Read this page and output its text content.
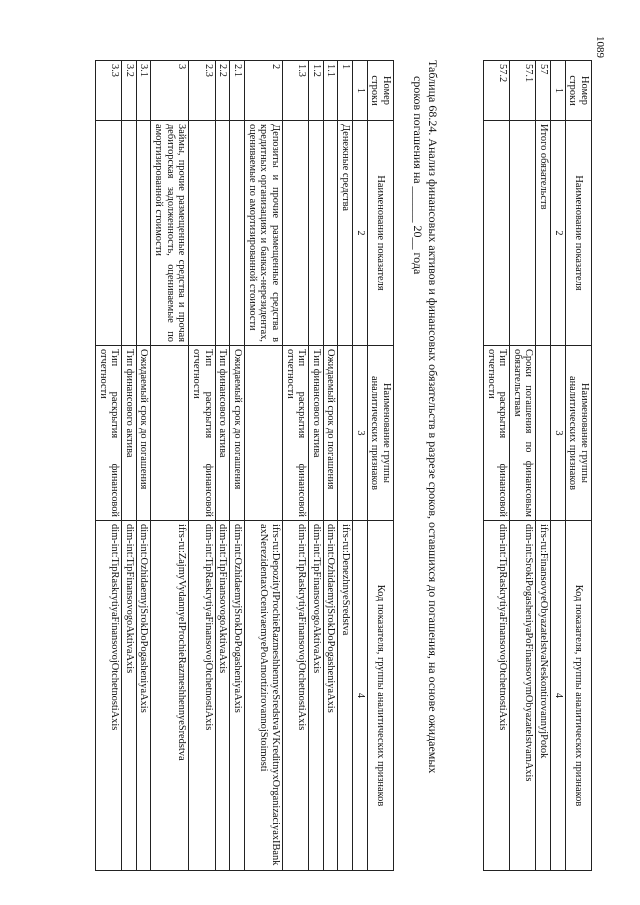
1089
Номер строки	Наименование показателя	Наименование группы аналитических признаков	Код показателя, группы аналитических признаков
1	2	3	4
57	Итого обязательств		ifrs-ru:FinansovyeObyazatelstvaNeskontirovannyjPotok
57.1		Сроки погашения по финансовым обязательствам	dim-int:SrokiPogasheniyaPoFinansovymObyazatelstvamAxis
57.2		Тип раскрытия финансовой отчетности	dim-int:TipRaskrytiyaFinansovojOtchetnostiAxis
Таблица 68.24. Анализ финансовых активов и финансовых обязательств в разрезе сроков, оставшихся до погашения, на основе ожидаемых
сроков погашения на ______ 20__ года
Номер строки	Наименование показателя	Наименование группы аналитических признаков	Код показателя, группы аналитических признаков
1	2	3	4
1	Денежные средства		ifrs-ru:DenezhnyeSredstva
1.1		Ожидаемый срок до погашения	dim-int:OzhidaemyjSrokDoPogasheniyaAxis
1.2		Тип финансового актива	dim-int:TipFinansovogoAktivaAxis
1.3		Тип раскрытия финансовой отчетности	dim-int:TipRaskrytiyaFinansovojOtchetnostiAxis
2	Депозиты и прочие размещенные средства в кредитных организациях и банках-нерезидентах, оцениваемые по амортизированной стоимости		ifrs-ru:DepozityIProchieRazmeshhennyeSredstvaVKreditnyxOrganizaciyaxIBankaxNerezidentaxOcenivaemyePoAmortizirovannojStoimosti
2.1		Ожидаемый срок до погашения	dim-int:OzhidaemyjSrokDoPogasheniyaAxis
2.2		Тип финансового актива	dim-int:TipFinansovogoAktivaAxis
2.3		Тип раскрытия финансовой отчетности	dim-int:TipRaskrytiyaFinansovojOtchetnostiAxis
3	Займы, прочие размещенные средства и прочая дебиторская задолженность, оцениваемые по амортизированной стоимости		ifrs-ru:ZajmyVydannyeIProchieRazmeshhennyeSredstva
3.1		Ожидаемый срок до погашения	dim-int:OzhidaemyjSrokDoPogasheniyaAxis
3.2		Тип финансового актива	dim-int:TipFinansovogoAktivaAxis
3.3		Тип раскрытия финансовой отчетности	dim-int:TipRaskrytiyaFinansovojOtchetnostiAxis
